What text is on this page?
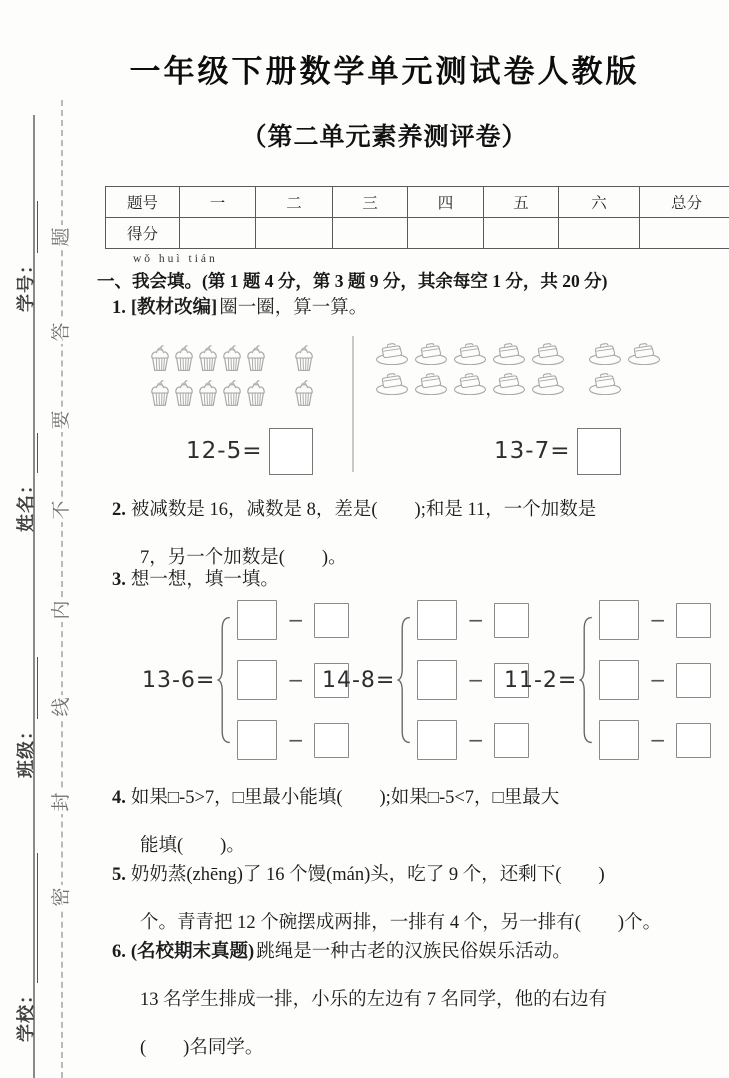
题
答
要
不
内
线
封
密
学号：
姓名：
班级：
学校：
一年级下册数学单元测试卷人教版
（第二单元素养测评卷）
题号	一	二	三	四	五	六	总分
得分							
一、
wǒ huì tián
我会填。(第 1 题 4 分，第 3 题 9 分，其余每空 1 分，共 20 分)
1. [教材改编] 圈一圈，算一算。
12-5=	13-7=
2. 被减数是 16，减数是 8，差是(        );和是 11，一个加数是
7，另一个加数是(        )。
3. 想一想，填一填。
13-6=
−
−
−
14-8=
−
−
−
11-2=
−
−
−
4. 如果□-5>7，□里最小能填(        );如果□-5<7，□里最大
能填(        )。
5. 奶奶蒸(zhēng)了 16 个馒(mán)头，吃了 9 个，还剩下(        )
个。青青把 12 个碗摆成两排，一排有 4 个，另一排有(        )个。
6. (名校期末真题) 跳绳是一种古老的汉族民俗娱乐活动。
13 名学生排成一排，小乐的左边有 7 名同学，他的右边有
(        )名同学。
